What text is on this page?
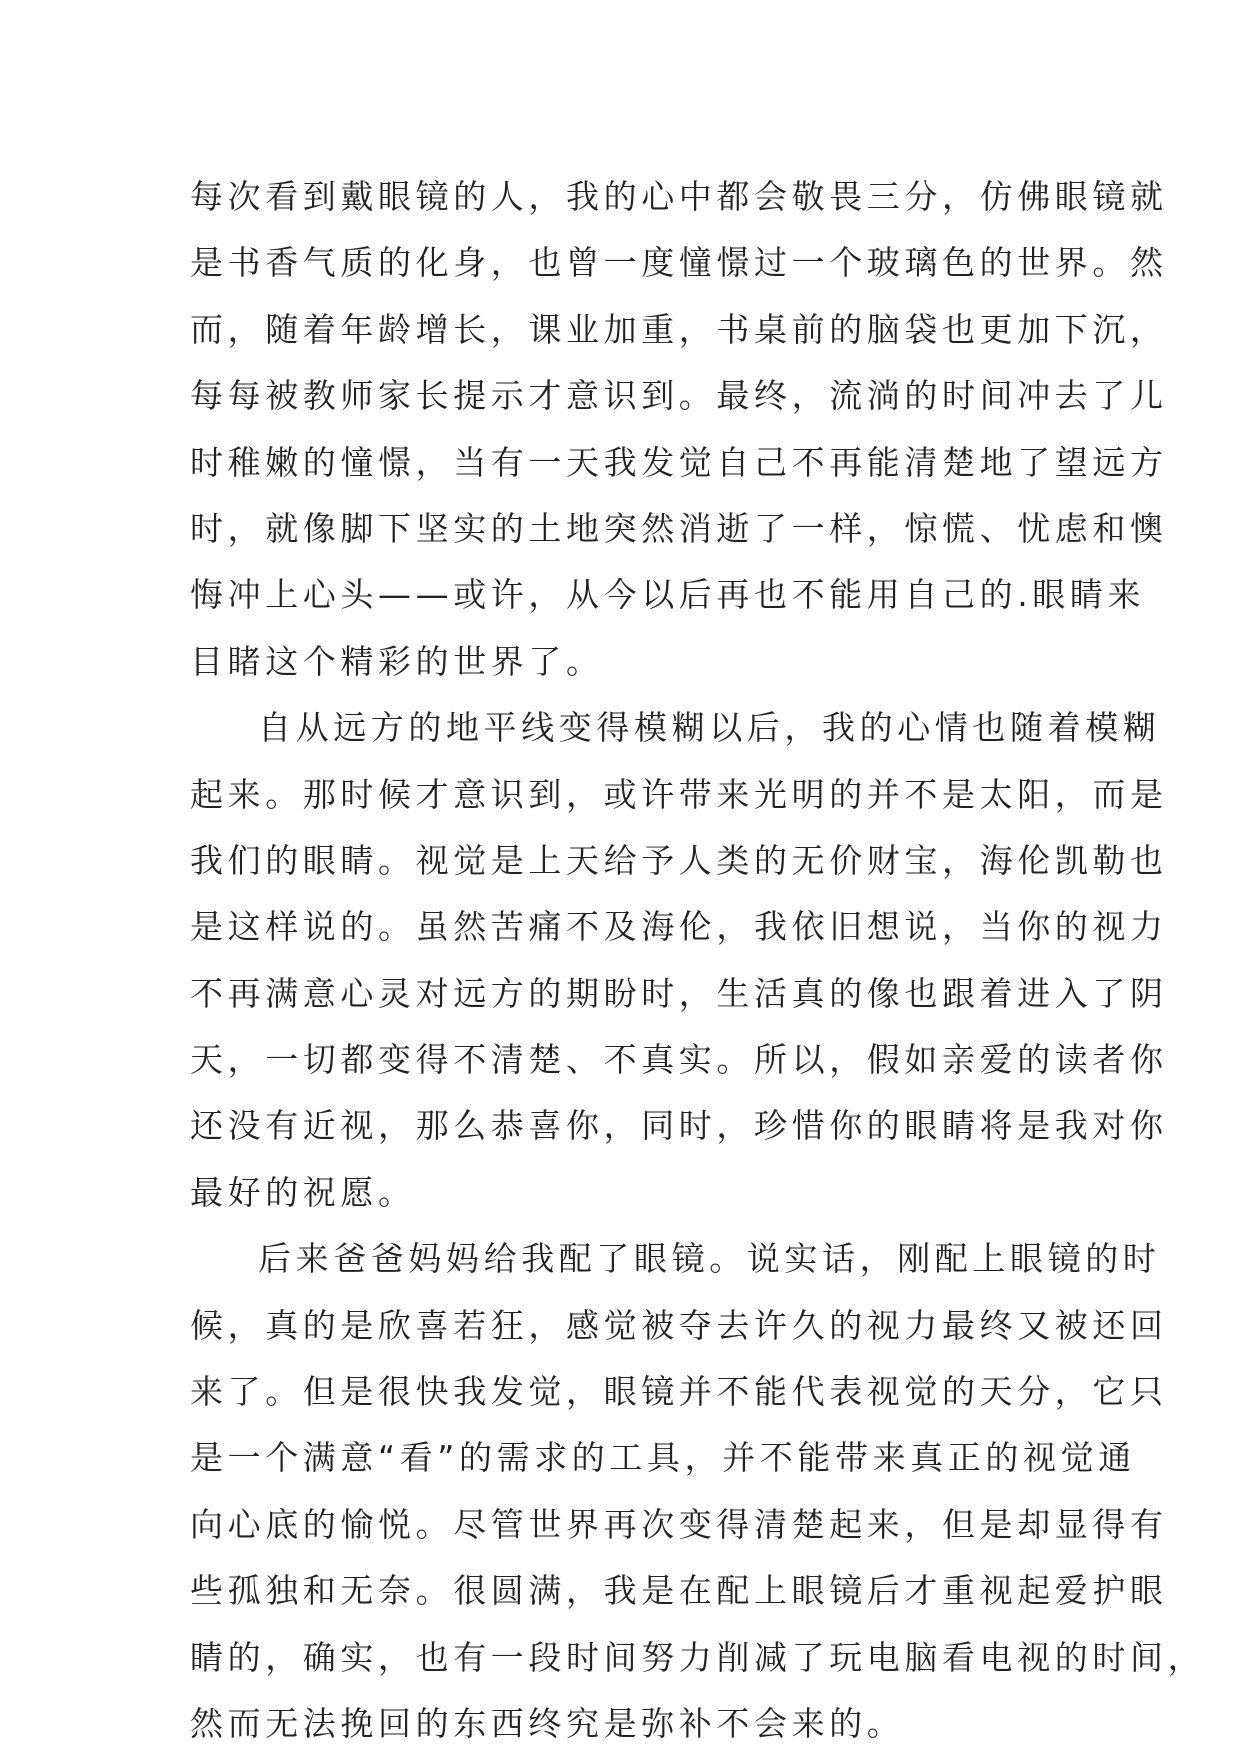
每次看到戴眼镜的人，我的心中都会敬畏三分，仿佛眼镜就
是书香气质的化身，也曾一度憧憬过一个玻璃色的世界。然
而，随着年龄增长，课业加重，书桌前的脑袋也更加下沉，
每每被教师家长提示才意识到。最终，流淌的时间冲去了儿
时稚嫩的憧憬，当有一天我发觉自己不再能清楚地了望远方
时，就像脚下坚实的土地突然消逝了一样，惊慌、忧虑和懊
悔冲上心头——或许，从今以后再也不能用自己的.眼睛来
目睹这个精彩的世界了。
自从远方的地平线变得模糊以后，我的心情也随着模糊
起来。那时候才意识到，或许带来光明的并不是太阳，而是
我们的眼睛。视觉是上天给予人类的无价财宝，海伦凯勒也
是这样说的。虽然苦痛不及海伦，我依旧想说，当你的视力
不再满意心灵对远方的期盼时，生活真的像也跟着进入了阴
天，一切都变得不清楚、不真实。所以，假如亲爱的读者你
还没有近视，那么恭喜你，同时，珍惜你的眼睛将是我对你
最好的祝愿。
后来爸爸妈妈给我配了眼镜。说实话，刚配上眼镜的时
候，真的是欣喜若狂，感觉被夺去许久的视力最终又被还回
来了。但是很快我发觉，眼镜并不能代表视觉的天分，它只
是一个满意“看”的需求的工具，并不能带来真正的视觉通
向心底的愉悦。尽管世界再次变得清楚起来，但是却显得有
些孤独和无奈。很圆满，我是在配上眼镜后才重视起爱护眼
睛的，确实，也有一段时间努力削减了玩电脑看电视的时间，
然而无法挽回的东西终究是弥补不会来的。
